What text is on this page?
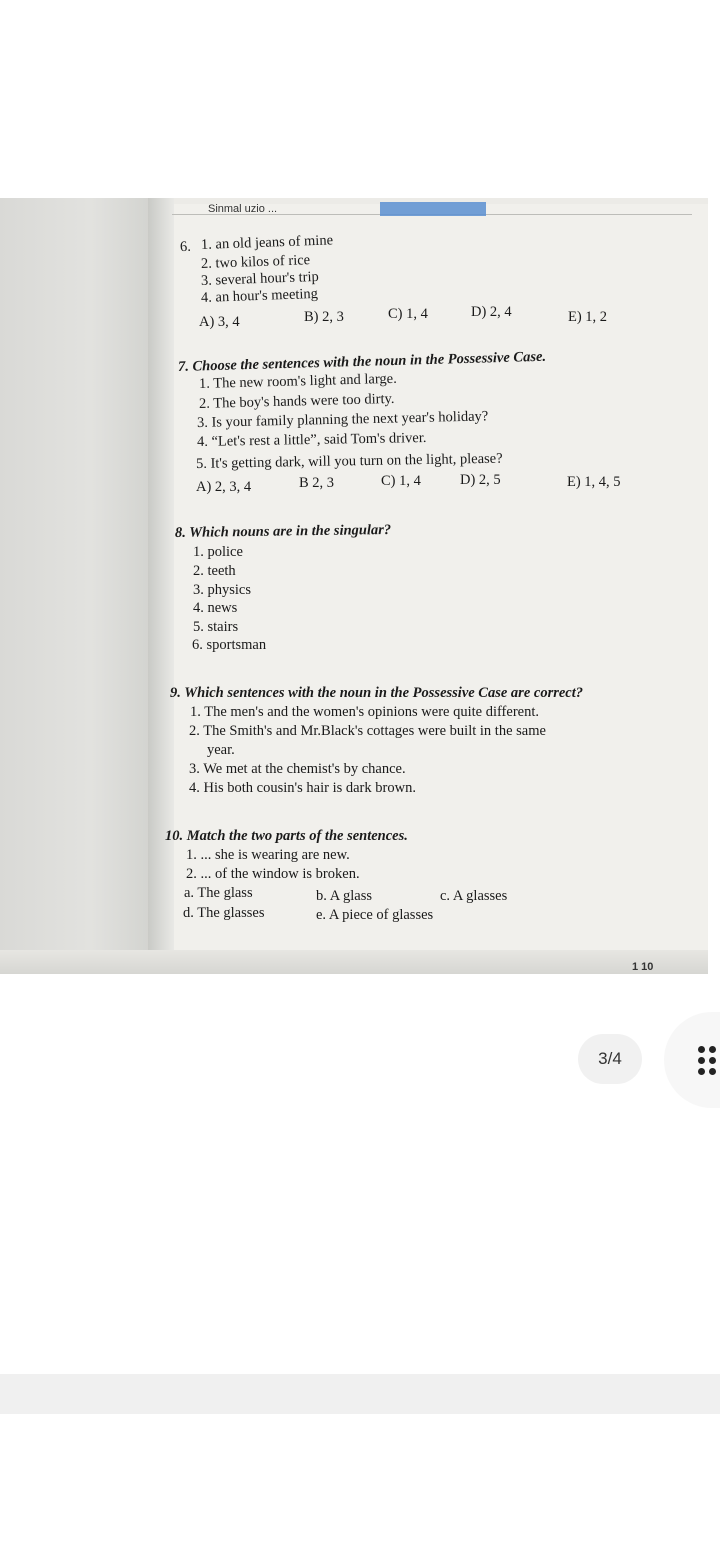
Sinmal uzio ...
6. 1. an old jeans of mine
2. two kilos of rice
3. several hour's trip
4. an hour's meeting
A) 3, 4	B) 2, 3	C) 1, 4	D) 2, 4	E) 1, 2
7. Choose the sentences with the noun in the Possessive Case.
1. The new room's light and large.
2. The boy's hands were too dirty.
3. Is your family planning the next year's holiday?
4. “Let's rest a little”, said Tom's driver.
5. It's getting dark, will you turn on the light, please?
A) 2, 3, 4	B 2, 3	C) 1, 4	D) 2, 5	E) 1, 4, 5
8. Which nouns are in the singular?
1. police
2. teeth
3. physics
4. news
5. stairs
6. sportsman
9. Which sentences with the noun in the Possessive Case are correct?
1. The men's and the women's opinions were quite different.
2. The Smith's and Mr.Black's cottages were built in the same
year.
3. We met at the chemist's by chance.
4. His both cousin's hair is dark brown.
10. Match the two parts of the sentences.
1. ... she is wearing are new.
2. ... of the window is broken.
a. The glass	b. A glass	c. A glasses
d. The glasses	e. A piece of glasses
1 10
3/4
